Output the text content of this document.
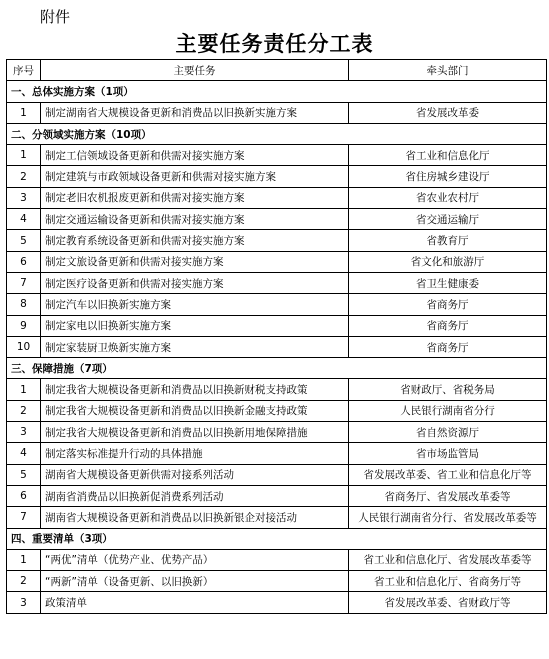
附件
主要任务责任分工表
序号	主要任务	牵头部门
一、总体实施方案（1项）		
1	制定湖南省大规模设备更新和消费品以旧换新实施方案	省发展改革委
二、分领域实施方案（10项）		
1	制定工信领域设备更新和供需对接实施方案	省工业和信息化厅
2	制定建筑与市政领域设备更新和供需对接实施方案	省住房城乡建设厅
3	制定老旧农机报废更新和供需对接实施方案	省农业农村厅
4	制定交通运输设备更新和供需对接实施方案	省交通运输厅
5	制定教育系统设备更新和供需对接实施方案	省教育厅
6	制定文旅设备更新和供需对接实施方案	省文化和旅游厅
7	制定医疗设备更新和供需对接实施方案	省卫生健康委
8	制定汽车以旧换新实施方案	省商务厅
9	制定家电以旧换新实施方案	省商务厅
10	制定家装厨卫焕新实施方案	省商务厅
三、保障措施（7项）		
1	制定我省大规模设备更新和消费品以旧换新财税支持政策	省财政厅、省税务局
2	制定我省大规模设备更新和消费品以旧换新金融支持政策	人民银行湖南省分行
3	制定我省大规模设备更新和消费品以旧换新用地保障措施	省自然资源厅
4	制定落实标准提升行动的具体措施	省市场监管局
5	湖南省大规模设备更新供需对接系列活动	省发展改革委、省工业和信息化厅等
6	湖南省消费品以旧换新促消费系列活动	省商务厅、省发展改革委等
7	湖南省大规模设备更新和消费品以旧换新银企对接活动	人民银行湖南省分行、省发展改革委等
四、重要清单（3项）		
1	“两优”清单（优势产业、优势产品）	省工业和信息化厅、省发展改革委等
2	“两新”清单（设备更新、以旧换新）	省工业和信息化厅、省商务厅等
3	政策清单	省发展改革委、省财政厅等
